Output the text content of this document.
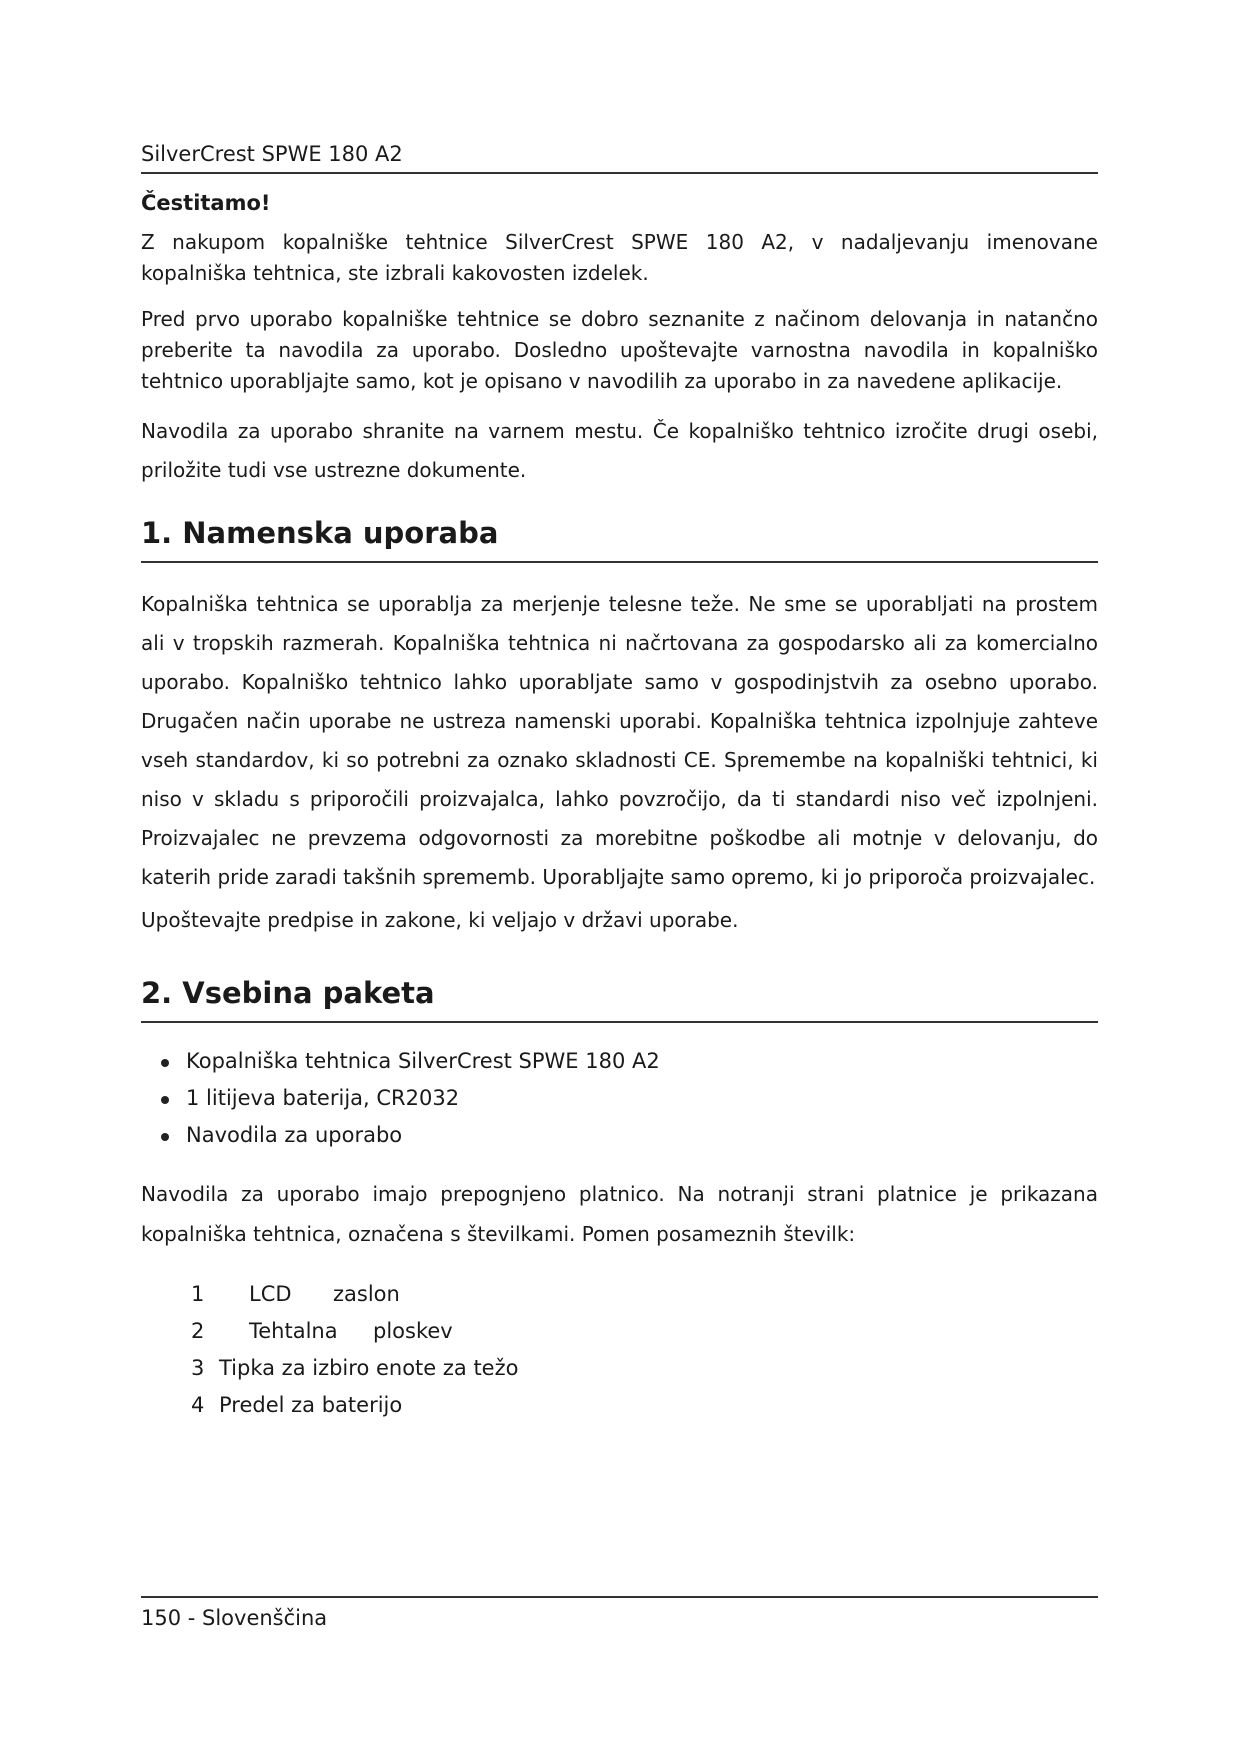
SilverCrest SPWE 180 A2

Čestitamo!

Z nakupom kopalniške tehtnice SilverCrest SPWE 180 A2, v nadaljevanju imenovane kopalniška tehtnica, ste izbrali kakovosten izdelek.

Pred prvo uporabo kopalniške tehtnice se dobro seznanite z načinom delovanja in natančno preberite ta navodila za uporabo. Dosledno upoštevajte varnostna navodila in kopalniško tehtnico uporabljajte samo, kot je opisano v navodilih za uporabo in za navedene aplikacije.

Navodila za uporabo shranite na varnem mestu. Če kopalniško tehtnico izročite drugi osebi, priložite tudi vse ustrezne dokumente.

1. Namenska uporaba

Kopalniška tehtnica se uporablja za merjenje telesne teže. Ne sme se uporabljati na prostem ali v tropskih razmerah. Kopalniška tehtnica ni načrtovana za gospodarsko ali za komercialno uporabo. Kopalniško tehtnico lahko uporabljate samo v gospodinjstvih za osebno uporabo. Drugačen način uporabe ne ustreza namenski uporabi. Kopalniška tehtnica izpolnjuje zahteve vseh standardov, ki so potrebni za oznako skladnosti CE. Spremembe na kopalniški tehtnici, ki niso v skladu s priporočili proizvajalca, lahko povzročijo, da ti standardi niso več izpolnjeni. Proizvajalec ne prevzema odgovornosti za morebitne poškodbe ali motnje v delovanju, do katerih pride zaradi takšnih sprememb. Uporabljajte samo opremo, ki jo priporoča proizvajalec.

Upoštevajte predpise in zakone, ki veljajo v državi uporabe.

2. Vsebina paketa
Kopalniška tehtnica SilverCrest SPWE 180 A2
1 litijeva baterija, CR2032
Navodila za uporabo

Navodila za uporabo imajo prepognjeno platnico. Na notranji strani platnice je prikazana kopalniška tehtnica, označena s številkami. Pomen posameznih številk:

1 LCD zaslon
2 Tehtalna ploskev
3 Tipka za izbiro enote za težo
4 Predel za baterijo
150 - Slovenščina
